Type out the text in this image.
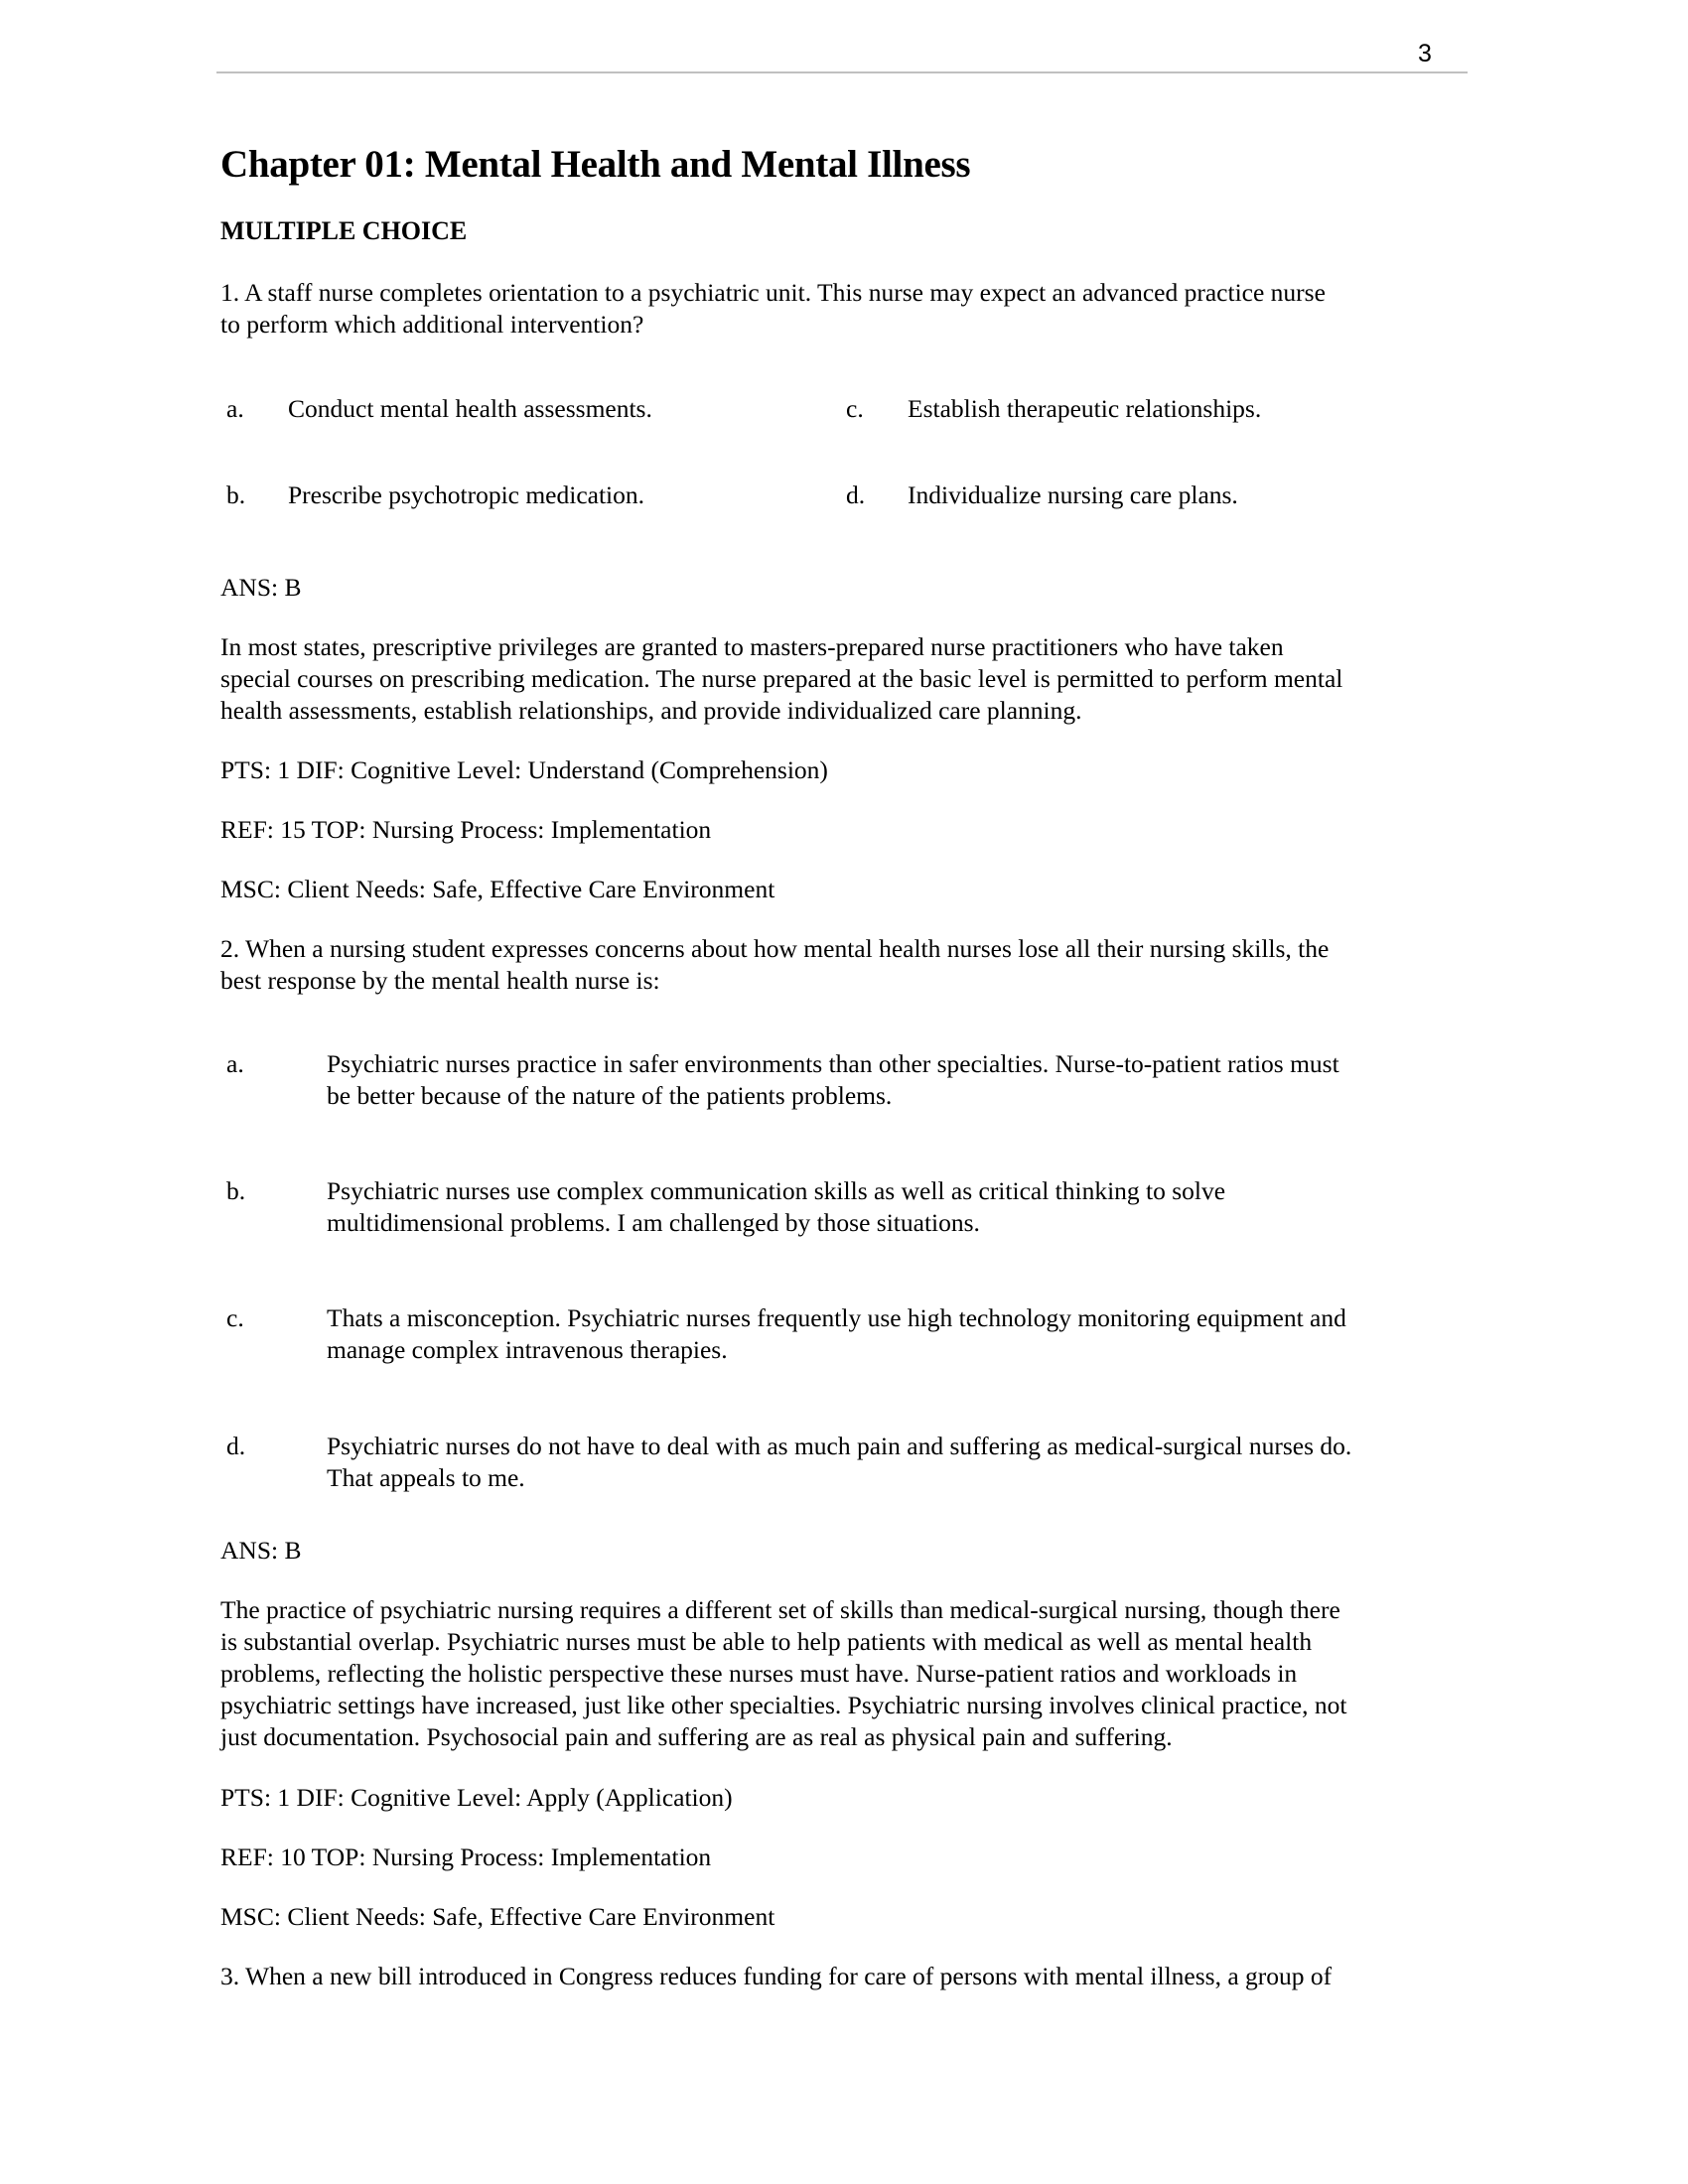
3
Chapter 01: Mental Health and Mental Illness
MULTIPLE CHOICE
1. A staff nurse completes orientation to a psychiatric unit. This nurse may expect an advanced practice nurse
to perform which additional intervention?
a. Conduct mental health assessments.	c. Establish therapeutic relationships.
b. Prescribe psychotropic medication.	d. Individualize nursing care plans.
ANS: B
In most states, prescriptive privileges are granted to masters-prepared nurse practitioners who have taken
special courses on prescribing medication. The nurse prepared at the basic level is permitted to perform mental
health assessments, establish relationships, and provide individualized care planning.
PTS: 1 DIF: Cognitive Level: Understand (Comprehension)
REF: 15 TOP: Nursing Process: Implementation
MSC: Client Needs: Safe, Effective Care Environment
2. When a nursing student expresses concerns about how mental health nurses lose all their nursing skills, the
best response by the mental health nurse is:
a.	Psychiatric nurses practice in safer environments than other specialties. Nurse-to-patient ratios must
be better because of the nature of the patients problems.
b.	Psychiatric nurses use complex communication skills as well as critical thinking to solve
multidimensional problems. I am challenged by those situations.
c.	Thats a misconception. Psychiatric nurses frequently use high technology monitoring equipment and
manage complex intravenous therapies.
d.	Psychiatric nurses do not have to deal with as much pain and suffering as medical-surgical nurses do.
That appeals to me.
ANS: B
The practice of psychiatric nursing requires a different set of skills than medical-surgical nursing, though there
is substantial overlap. Psychiatric nurses must be able to help patients with medical as well as mental health
problems, reflecting the holistic perspective these nurses must have. Nurse-patient ratios and workloads in
psychiatric settings have increased, just like other specialties. Psychiatric nursing involves clinical practice, not
just documentation. Psychosocial pain and suffering are as real as physical pain and suffering.
PTS: 1 DIF: Cognitive Level: Apply (Application)
REF: 10 TOP: Nursing Process: Implementation
MSC: Client Needs: Safe, Effective Care Environment
3. When a new bill introduced in Congress reduces funding for care of persons with mental illness, a group of
